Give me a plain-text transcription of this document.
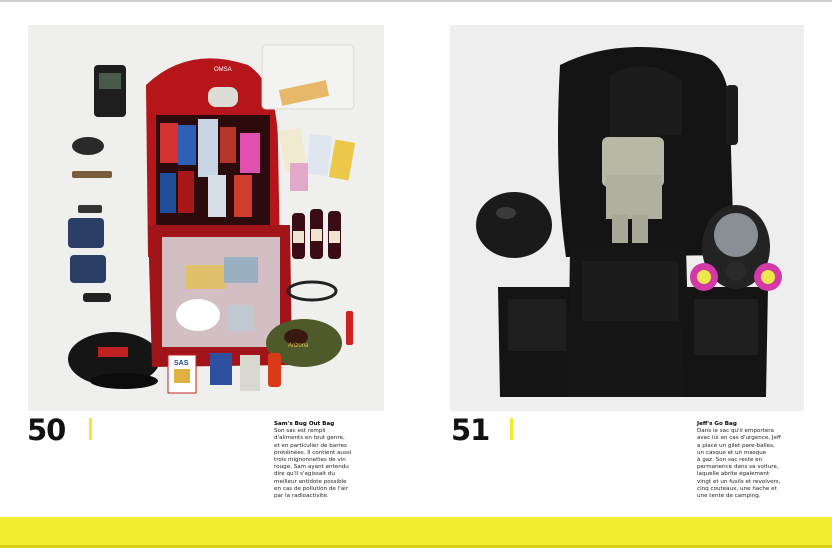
50	Sam's Bug Out Bag
Son sac est rempli
d'aliments en tout genre,
et en particulier de barres
protéinées. Il contient aussi
trois mignonnettes de vin
rouge, Sam ayant entendu
dire qu'il s'agissait du
meilleur antidote possible
en cas de pollution de l'air
par la radioactivité.
51	Jeff's Go Bag
Dans le sac qu'il emportera
avec lui en cas d'urgence, Jeff
a placé un gilet pare-balles,
un casque et un masque
à gaz. Son sac reste en
permanence dans sa voiture,
laquelle abrite également
vingt et un fusils et revolvers,
cinq couteaux, une hache et
une tente de camping.
OMSA
SAS
Arizona
